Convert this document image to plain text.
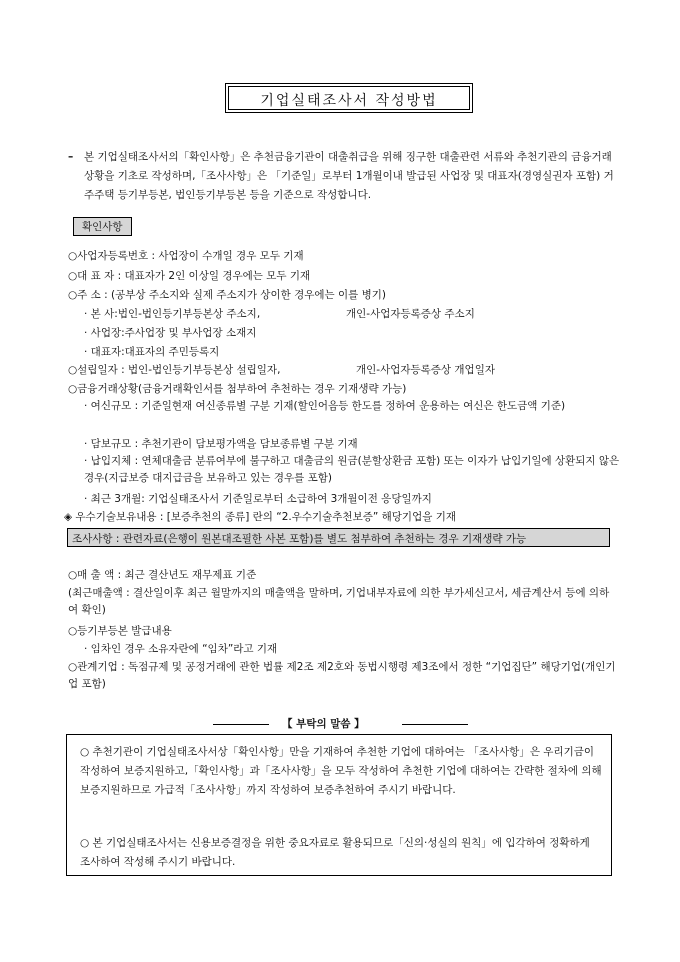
기업실태조사서 작성방법
– 본 기업실태조사서의「확인사항」은 추천금융기관이 대출취급을 위해 징구한 대출관련 서류와 추천기관의 금융거래상황을 기초로 작성하며,「조사사항」은 「기준일」로부터 1개월이내 발급된 사업장 및 대표자(경영실권자 포함) 거주주택 등기부등본, 법인등기부등본 등을 기준으로 작성합니다.
확인사항
○사업자등록번호 : 사업장이 수개일 경우 모두 기재
○대 표 자 : 대표자가 2인 이상일 경우에는 모두 기재
○주 소 : (공부상 주소지와 실제 주소지가 상이한 경우에는 이를 병기)
· 본 사:법인-법인등기부등본상 주소지,	개인-사업자등록증상 주소지
· 사업장:주사업장 및 부사업장 소재지
· 대표자:대표자의 주민등록지
○설립일자 : 법인-법인등기부등본상 설립일자,	개인-사업자등록증상 개업일자
○금융거래상황(금융거래확인서를 첨부하여 추천하는 경우 기재생략 가능)
· 여신규모 : 기준일현재 여신종류별 구분 기재(할인어음등 한도를 정하여 운용하는 여신은 한도금액 기준)
· 담보규모 : 추천기관이 담보평가액을 담보종류별 구분 기재
· 납입지체 : 연체대출금 분류여부에 불구하고 대출금의 원금(분할상환금 포함) 또는 이자가 납입기일에 상환되지 않은 경우(지급보증 대지급금을 보유하고 있는 경우를 포함)
· 최근 3개월: 기업실태조사서 기준일로부터 소급하여 3개월이전 응당일까지
◈ 우수기술보유내용 : [보증추천의 종류] 란의 “2.우수기술추천보증” 해당기업을 기재
조사사항 : 관련자료(은행이 원본대조필한 사본 포함)를 별도 첨부하여 추천하는 경우 기재생략 가능
○매 출 액 : 최근 결산년도 재무제표 기준
(최근매출액 : 결산일이후 최근 월말까지의 매출액을 말하며, 기업내부자료에 의한 부가세신고서, 세금계산서 등에 의하여 확인)
○등기부등본 발급내용
· 임차인 경우 소유자란에 “임차”라고 기재
○관계기업 : 독점규제 및 공정거래에 관한 법률 제2조 제2호와 동법시행령 제3조에서 정한 “기업집단” 해당기업(개인기업 포함)
【 부탁의 말씀 】
○ 추천기관이 기업실태조사서상「확인사항」만을 기재하여 추천한 기업에 대하여는 「조사사항」은 우리기금이 작성하여 보증지원하고,「확인사항」과「조사사항」을 모두 작성하여 추천한 기업에 대하여는 간략한 절차에 의해 보증지원하므로 가급적「조사사항」까지 작성하여 보증추천하여 주시기 바랍니다.
○ 본 기업실태조사서는 신용보증결정을 위한 중요자료로 활용되므로「신의·성실의 원칙」에 입각하여 정확하게 조사하여 작성해 주시기 바랍니다.
